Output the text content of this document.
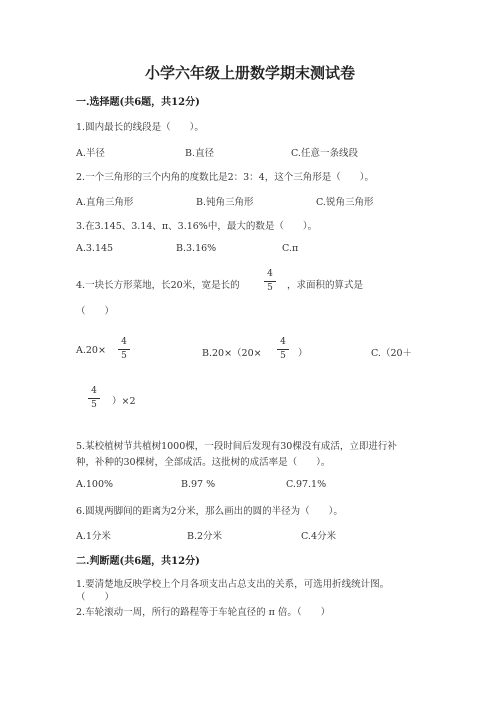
小学六年级上册数学期末测试卷
一.选择题(共6题，共12分)
1.圆内最长的线段是（　　）。
A.半径	B.直径	C.任意一条线段
2.一个三角形的三个内角的度数比是2：3：4，这个三角形是（　　）。
A.直角三角形	B.钝角三角形	C.锐角三角形
3.在3.145、3.14、π、3.16%中，最大的数是（　　）。
A.3.145	B.3.16%	C.π
4.一块长方形菜地，长20米，宽是长的
4
5	，求面积的算式是
（　　）
A.20×
4
5	B.20×（20×
4
5	）	C.（20＋
4
5	）×2
5.某校植树节共植树1000棵，一段时间后发现有30棵没有成活，立即进行补
种，补种的30棵树，全部成活。这批树的成活率是（　　）。
A.100%	B.97 %	C.97.1%
6.圆规两脚间的距离为2分米，那么画出的圆的半径为（　　）。
A.1分米	B.2分米	C.4分米
二.判断题(共6题，共12分)
1.要清楚地反映学校上个月各项支出占总支出的关系，可选用折线统计图。
（　　）
2.车轮滚动一周，所行的路程等于车轮直径的 π 倍。（　　）
